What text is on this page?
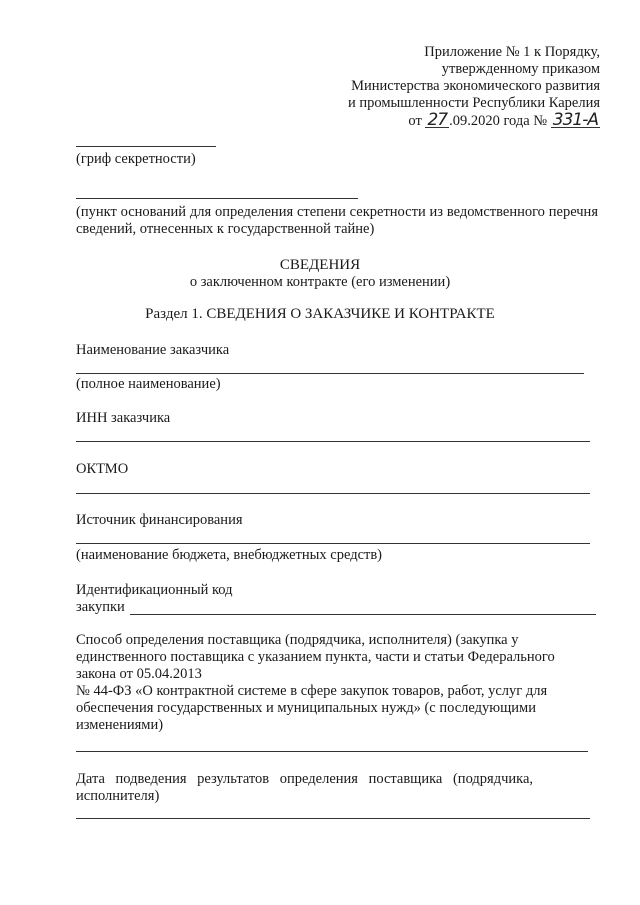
Приложение № 1 к Порядку,
утвержденному приказом
Министерства экономического развития
и промышленности Республики Карелия
от 27 .09.2020 года № 331-А
(гриф секретности)
(пункт оснований для определения степени секретности из ведомственного перечня сведений, отнесенных к государственной тайне)
СВЕДЕНИЯ
о заключенном контракте (его изменении)
Раздел 1. СВЕДЕНИЯ О ЗАКАЗЧИКЕ И КОНТРАКТЕ
Наименование заказчика
(полное наименование)
ИНН заказчика
ОКТМО
Источник финансирования
(наименование бюджета, внебюджетных средств)
Идентификационный код
закупки
Способ определения поставщика (подрядчика, исполнителя) (закупка у
единственного поставщика с указанием пункта, части и статьи Федерального
закона от 05.04.2013
№ 44-ФЗ «О контрактной системе в сфере закупок товаров, работ, услуг для
обеспечения государственных и муниципальных нужд» (с последующими
изменениями)
Дата подведения результатов определения поставщика (подрядчика,
исполнителя)
